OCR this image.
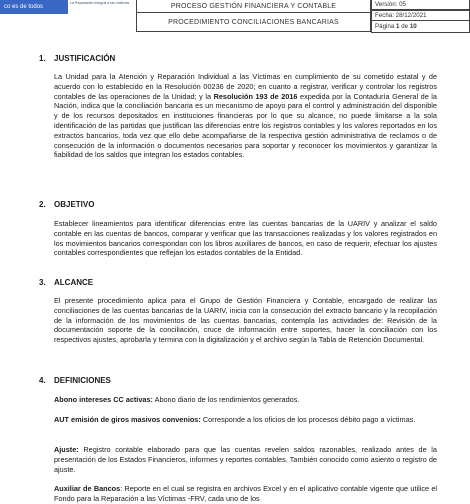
co es de todos
La Reparación Integral a las víctimas	PROCESO GESTIÓN FINANCIERA Y CONTABLE
PROCEDIMIENTO CONCILIACIONES BANCARIAS
Versión: 05
Fecha: 28/12/2021
Página 1 de 10
1. JUSTIFICACIÓN

La Unidad para la Atención y Reparación Individual a las Víctimas en cumplimiento de su cometido estatal y de acuerdo con lo establecido en la Resolución 00236 de 2020; en cuanto a registrar, verificar y controlar los registros contables de las operaciones de la Unidad; y la Resolución 193 de 2016 expedida por la Contaduría General de la Nación, indica que la conciliación bancaria es un mecanismo de apoyo para el control y administración del disponible y de los recursos depositados en instituciones financieras por lo que su alcance, no puede limitarse a la sola identificación de las partidas que justifican las diferencias entre los registros contables y los valores reportados en los extractos bancarios, toda vez que ello debe acompañarse de la respectiva gestión administrativa de reclamos o de consecución de la información o documentos necesarios para soportar y reconocer los movimientos y garantizar la fiabilidad de los saldos que integran los estados contables.

2. OBJETIVO

Establecer lineamientos para identificar diferencias entre las cuentas bancarias de la UARIV y analizar el saldo contable en las cuentas de bancos, comparar y verificar que las transacciones realizadas y los valores registrados en los movimientos bancarios correspondan con los libros auxiliares de bancos, en caso de requerir, efectuar los ajustes contables correspondientes que reflejan los estados contables de la Entidad.

3. ALCANCE

El presente procedimiento aplica para el Grupo de Gestión Financiera y Contable, encargado de realizar las conciliaciones de las cuentas bancarias de la UARIV, inicia con la consecución del extracto bancario y la recopilación de la información de los movimientos de las cuentas bancarias, contempla las actividades de: Revisión de la documentación soporte de la conciliación, cruce de información entre soportes, hacer la conciliación con los respectivos ajustes, aprobarla y termina con la digitalización y el archivo según la Tabla de Retención Documental.

4. DEFINICIONES

Abono intereses CC activas: Abono diario de los rendimientos generados.

AUT emisión de giros masivos convenios: Corresponde a los oficios de los procesos débito pago a víctimas.

Ajuste: Registro contable elaborado para que las cuentas revelen saldos razonables, realizado antes de la presentación de los Estados Financieros, informes y reportes contables. También conocido como asiento o registro de ajuste.

Auxiliar de Bancos: Reporte en el cual se registra en archivos Excel y en el aplicativo contable vigente que utilice el Fondo para la Reparación a las Víctimas -FRV, cada uno de los
